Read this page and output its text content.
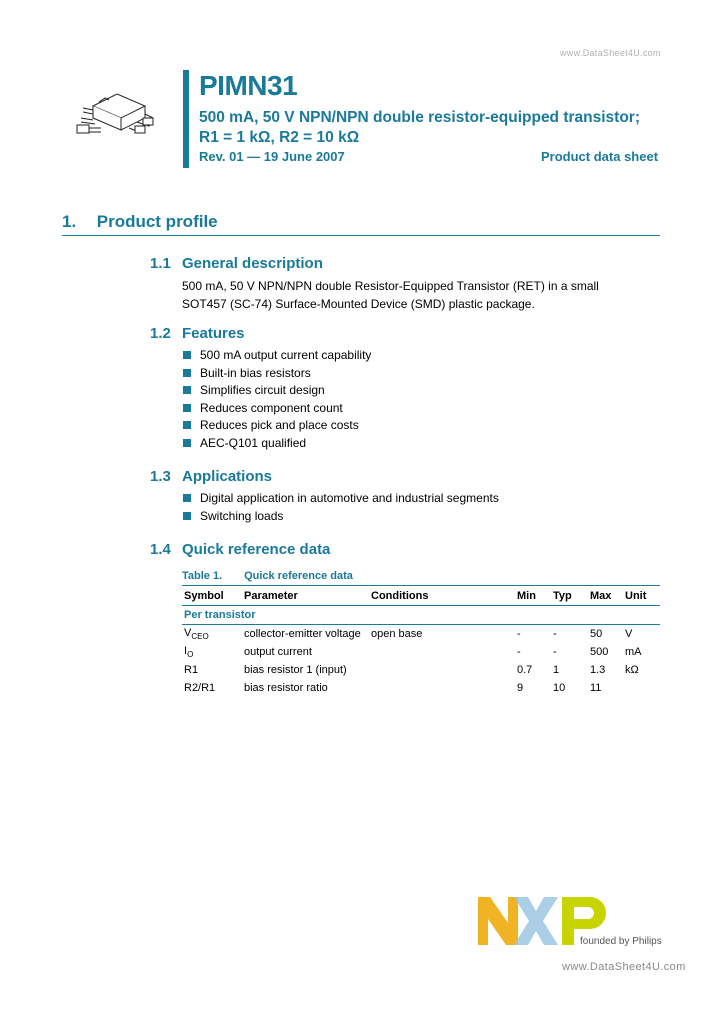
www.DataSheet4U.com
PIMN31
500 mA, 50 V NPN/NPN double resistor-equipped transistor;
R1 = 1 kΩ, R2 = 10 kΩ
Rev. 01 — 19 June 2007	Product data sheet
1. Product profile
1.1 General description
500 mA, 50 V NPN/NPN double Resistor-Equipped Transistor (RET) in a small
SOT457 (SC-74) Surface-Mounted Device (SMD) plastic package.
1.2 Features
500 mA output current capability
Built-in bias resistors
Simplifies circuit design
Reduces component count
Reduces pick and place costs
AEC-Q101 qualified
1.3 Applications
Digital application in automotive and industrial segments
Switching loads
1.4 Quick reference data
Table 1. Quick reference data
Symbol	Parameter	Conditions	Min	Typ	Max	Unit
Per transistor						
$V_{CEO}$	collector-emitter voltage	open base	-	-	50	V
$I_O$	output current		-	-	500	mA
R1	bias resistor 1 (input)		0.7	1	1.3	kΩ
R2/R1	bias resistor ratio		9	10	11	
founded by Philips
www.DataSheet4U.com
